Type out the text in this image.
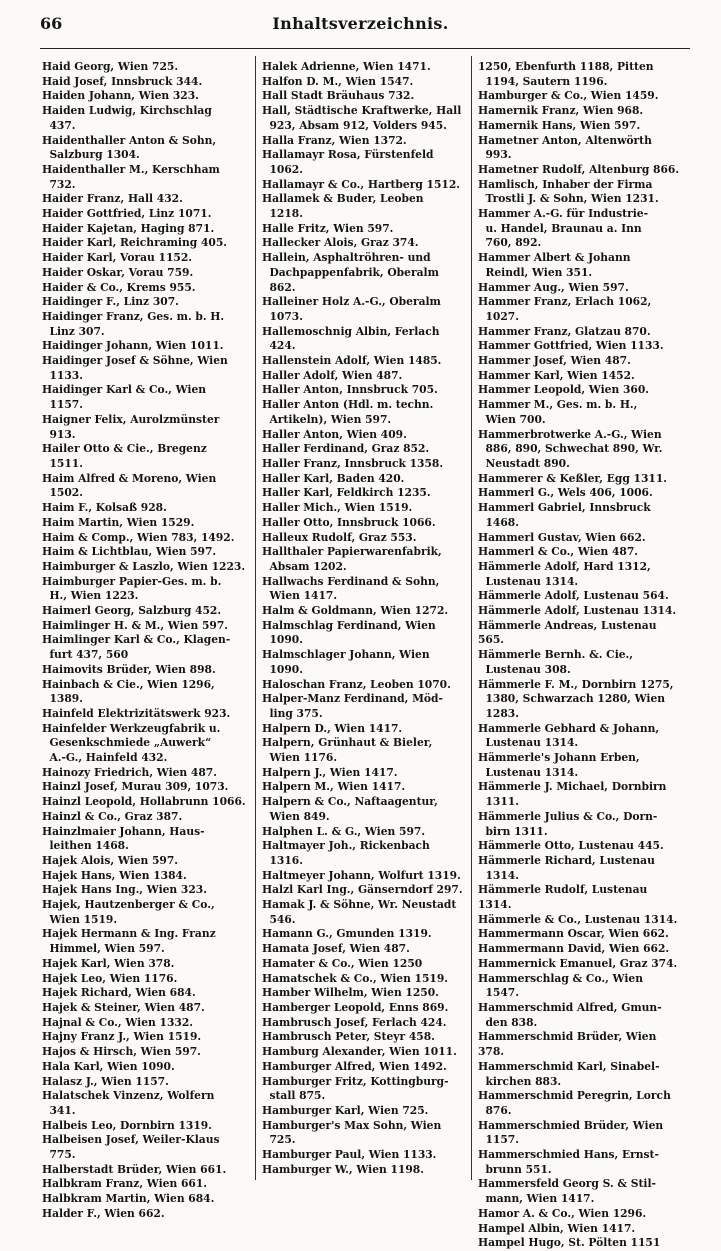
66	Inhaltsverzeichnis.
Haid Georg, Wien 725.
Haid Josef, Innsbruck 344.
Haiden Johann, Wien 323.
Haiden Ludwig, Kirchschlag
437.
Haidenthaller Anton & Sohn,
Salzburg 1304.
Haidenthaller M., Kerschham
732.
Haider Franz, Hall 432.
Haider Gottfried, Linz 1071.
Haider Kajetan, Haging 871.
Haider Karl, Reichraming 405.
Haider Karl, Vorau 1152.
Haider Oskar, Vorau 759.
Haider & Co., Krems 955.
Haidinger F., Linz 307.
Haidinger Franz, Ges. m. b. H.
Linz 307.
Haidinger Johann, Wien 1011.
Haidinger Josef & Söhne, Wien
1133.
Haidinger Karl & Co., Wien
1157.
Haigner Felix, Aurolzmünster
913.
Hailer Otto & Cie., Bregenz
1511.
Haim Alfred & Moreno, Wien
1502.
Haim F., Kolsaß 928.
Haim Martin, Wien 1529.
Haim & Comp., Wien 783, 1492.
Haim & Lichtblau, Wien 597.
Haimburger & Laszlo, Wien 1223.
Haimburger Papier-Ges. m. b.
H., Wien 1223.
Haimerl Georg, Salzburg 452.
Haimlinger H. & M., Wien 597.
Haimlinger Karl & Co., Klagen-
furt 437, 560
Haimovits Brüder, Wien 898.
Hainbach & Cie., Wien 1296,
1389.
Hainfeld Elektrizitätswerk 923.
Hainfelder Werkzeugfabrik u.
Gesenkschmiede „Auwerk“
A.-G., Hainfeld 432.
Hainozy Friedrich, Wien 487.
Hainzl Josef, Murau 309, 1073.
Hainzl Leopold, Hollabrunn 1066.
Hainzl & Co., Graz 387.
Hainzlmaier Johann, Haus-
leithen 1468.
Hajek Alois, Wien 597.
Hajek Hans, Wien 1384.
Hajek Hans Ing., Wien 323.
Hajek, Hautzenberger & Co.,
Wien 1519.
Hajek Hermann & Ing. Franz
Himmel, Wien 597.
Hajek Karl, Wien 378.
Hajek Leo, Wien 1176.
Hajek Richard, Wien 684.
Hajek & Steiner, Wien 487.
Hajnal & Co., Wien 1332.
Hajny Franz J., Wien 1519.
Hajos & Hirsch, Wien 597.
Hala Karl, Wien 1090.
Halasz J., Wien 1157.
Halatschek Vinzenz, Wolfern
341.
Halbeis Leo, Dornbirn 1319.
Halbeisen Josef, Weiler-Klaus
775.
Halberstadt Brüder, Wien 661.
Halbkram Franz, Wien 661.
Halbkram Martin, Wien 684.
Halder F., Wien 662.
Halek Adrienne, Wien 1471.
Halfon D. M., Wien 1547.
Hall Stadt Bräuhaus 732.
Hall, Städtische Kraftwerke, Hall
923, Absam 912, Volders 945.
Halla Franz, Wien 1372.
Hallamayr Rosa, Fürstenfeld
1062.
Hallamayr & Co., Hartberg 1512.
Hallamek & Buder, Leoben
1218.
Halle Fritz, Wien 597.
Hallecker Alois, Graz 374.
Hallein, Asphaltröhren- und
Dachpappenfabrik, Oberalm
862.
Halleiner Holz A.-G., Oberalm
1073.
Hallemoschnig Albin, Ferlach
424.
Hallenstein Adolf, Wien 1485.
Haller Adolf, Wien 487.
Haller Anton, Innsbruck 705.
Haller Anton (Hdl. m. techn.
Artikeln), Wien 597.
Haller Anton, Wien 409.
Haller Ferdinand, Graz 852.
Haller Franz, Innsbruck 1358.
Haller Karl, Baden 420.
Haller Karl, Feldkirch 1235.
Haller Mich., Wien 1519.
Haller Otto, Innsbruck 1066.
Halleux Rudolf, Graz 553.
Hallthaler Papierwarenfabrik,
Absam 1202.
Hallwachs Ferdinand & Sohn,
Wien 1417.
Halm & Goldmann, Wien 1272.
Halmschlag Ferdinand, Wien
1090.
Halmschlager Johann, Wien
1090.
Haloschan Franz, Leoben 1070.
Halper-Manz Ferdinand, Möd-
ling 375.
Halpern D., Wien 1417.
Halpern, Grünhaut & Bieler,
Wien 1176.
Halpern J., Wien 1417.
Halpern M., Wien 1417.
Halpern & Co., Naftaagentur,
Wien 849.
Halphen L. & G., Wien 597.
Haltmayer Joh., Rickenbach
1316.
Haltmeyer Johann, Wolfurt 1319.
Halzl Karl Ing., Gänserndorf 297.
Hamak J. & Söhne, Wr. Neustadt
546.
Hamann G., Gmunden 1319.
Hamata Josef, Wien 487.
Hamater & Co., Wien 1250
Hamatschek & Co., Wien 1519.
Hamber Wilhelm, Wien 1250.
Hamberger Leopold, Enns 869.
Hambrusch Josef, Ferlach 424.
Hambrusch Peter, Steyr 458.
Hamburg Alexander, Wien 1011.
Hamburger Alfred, Wien 1492.
Hamburger Fritz, Kottingburg-
stall 875.
Hamburger Karl, Wien 725.
Hamburger's Max Sohn, Wien
725.
Hamburger Paul, Wien 1133.
Hamburger W., Wien 1198.
1250, Ebenfurth 1188, Pitten
1194, Sautern 1196.
Hamburger & Co., Wien 1459.
Hamernik Franz, Wien 968.
Hamernik Hans, Wien 597.
Hametner Anton, Altenwörth
993.
Hametner Rudolf, Altenburg 866.
Hamlisch, Inhaber der Firma
Trostli J. & Sohn, Wien 1231.
Hammer A.-G. für Industrie-
u. Handel, Braunau a. Inn
760, 892.
Hammer Albert & Johann
Reindl, Wien 351.
Hammer Aug., Wien 597.
Hammer Franz, Erlach 1062,
1027.
Hammer Franz, Glatzau 870.
Hammer Gottfried, Wien 1133.
Hammer Josef, Wien 487.
Hammer Karl, Wien 1452.
Hammer Leopold, Wien 360.
Hammer M., Ges. m. b. H.,
Wien 700.
Hammerbrotwerke A.-G., Wien
886, 890, Schwechat 890, Wr.
Neustadt 890.
Hammerer & Keßler, Egg 1311.
Hammerl G., Wels 406, 1006.
Hammerl Gabriel, Innsbruck
1468.
Hammerl Gustav, Wien 662.
Hammerl & Co., Wien 487.
Hämmerle Adolf, Hard 1312,
Lustenau 1314.
Hämmerle Adolf, Lustenau 564.
Hämmerle Adolf, Lustenau 1314.
Hämmerle Andreas, Lustenau 565.
Hämmerle Bernh. &. Cie.,
Lustenau 308.
Hämmerle F. M., Dornbirn 1275,
1380, Schwarzach 1280, Wien
1283.
Hammerle Gebhard & Johann,
Lustenau 1314.
Hämmerle's Johann Erben,
Lustenau 1314.
Hämmerle J. Michael, Dornbirn
1311.
Hämmerle Julius & Co., Dorn-
birn 1311.
Hämmerle Otto, Lustenau 445.
Hämmerle Richard, Lustenau
1314.
Hämmerle Rudolf, Lustenau 1314.
Hämmerle & Co., Lustenau 1314.
Hammermann Oscar, Wien 662.
Hammermann David, Wien 662.
Hammernick Emanuel, Graz 374.
Hammerschlag & Co., Wien
1547.
Hammerschmid Alfred, Gmun-
den 838.
Hammerschmid Brüder, Wien 378.
Hammerschmid Karl, Sinabel-
kirchen 883.
Hammerschmid Peregrin, Lorch
876.
Hammerschmied Brüder, Wien
1157.
Hammerschmied Hans, Ernst-
brunn 551.
Hammersfeld Georg S. & Stil-
mann, Wien 1417.
Hamor A. & Co., Wien 1296.
Hampel Albin, Wien 1417.
Hampel Hugo, St. Pölten 1151
